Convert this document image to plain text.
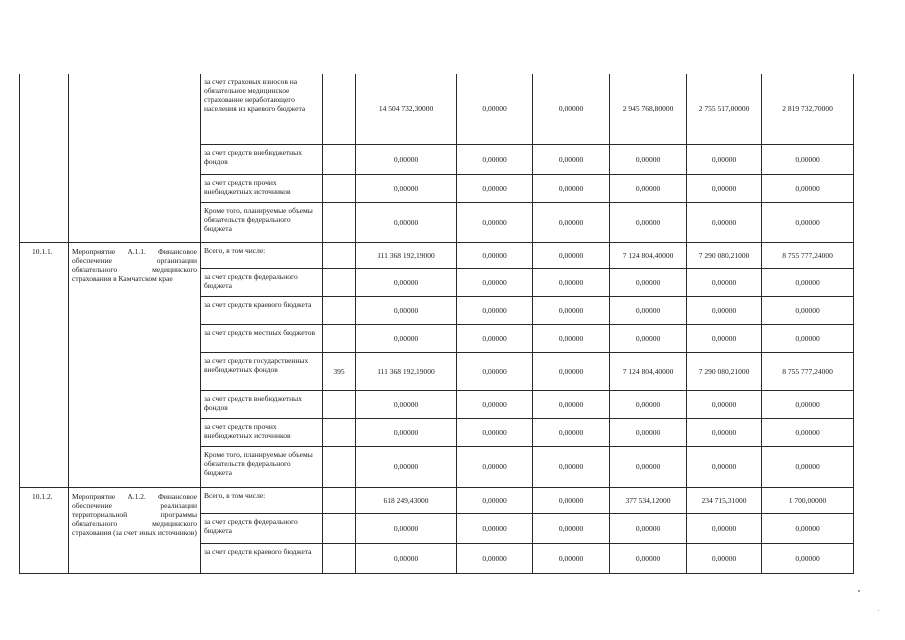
		за счет страховых взносов на обязательное медицинское страхование неработающего населения из краевого бюджета		14 504 732,30000	0,00000	0,00000	2 945 768,80000	2 755 517,00000	2 819 732,70000
		за счет средств внебюджетных фондов		0,00000	0,00000	0,00000	0,00000	0,00000	0,00000
		за счет средств прочих внебюджетных источников		0,00000	0,00000	0,00000	0,00000	0,00000	0,00000
		Кроме того, планируемые объемы обязательств федерального бюджета		0,00000	0,00000	0,00000	0,00000	0,00000	0,00000
10.1.1.	Мероприятие А.1.1. Финансовое обеспечение организации обязательного медицинского страхования в Камчатском крае	Всего, в том числе:		111 368 192,19000	0,00000	0,00000	7 124 804,40000	7 290 080,21000	8 755 777,24000
		за счет средств федерального бюджета		0,00000	0,00000	0,00000	0,00000	0,00000	0,00000
		за счет средств краевого бюджета		0,00000	0,00000	0,00000	0,00000	0,00000	0,00000
		за счет средств местных бюджетов		0,00000	0,00000	0,00000	0,00000	0,00000	0,00000
		за счет средств государственных внебюджетных фондов	395	111 368 192,19000	0,00000	0,00000	7 124 804,40000	7 290 080,21000	8 755 777,24000
		за счет средств внебюджетных фондов		0,00000	0,00000	0,00000	0,00000	0,00000	0,00000
		за счет средств прочих внебюджетных источников		0,00000	0,00000	0,00000	0,00000	0,00000	0,00000
		Кроме того, планируемые объемы обязательств федерального бюджета		0,00000	0,00000	0,00000	0,00000	0,00000	0,00000
10.1.2.	Мероприятие А.1.2. Финансовое обеспечение реализации территориальной программы обязательного медицинского страхования (за счет иных источников)	Всего, в том числе:		618 249,43000	0,00000	0,00000	377 534,12000	234 715,31000	1 700,00000
		за счет средств федерального бюджета		0,00000	0,00000	0,00000	0,00000	0,00000	0,00000
		за счет средств краевого бюджета		0,00000	0,00000	0,00000	0,00000	0,00000	0,00000
